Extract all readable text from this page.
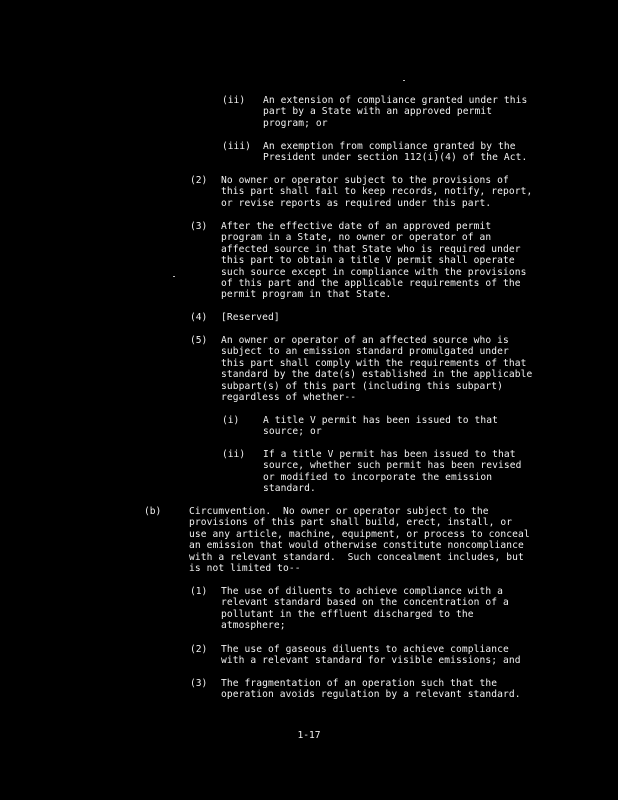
(ii) An extension of compliance granted under this
part by a State with an approved permit
program; or
(iii) An exemption from compliance granted by the
President under section 112(i)(4) of the Act.
(2) No owner or operator subject to the provisions of
this part shall fail to keep records, notify, report,
or revise reports as required under this part.
(3) After the effective date of an approved permit
program in a State, no owner or operator of an
affected source in that State who is required under
this part to obtain a title V permit shall operate
such source except in compliance with the provisions
of this part and the applicable requirements of the
permit program in that State.
(4) [Reserved]
(5) An owner or operator of an affected source who is
subject to an emission standard promulgated under
this part shall comply with the requirements of that
standard by the date(s) established in the applicable
subpart(s) of this part (including this subpart)
regardless of whether--
(i) A title V permit has been issued to that
source; or
(ii) If a title V permit has been issued to that
source, whether such permit has been revised
or modified to incorporate the emission
standard.
(b)	Circumvention.  No owner or operator subject to the
provisions of this part shall build, erect, install, or
use any article, machine, equipment, or process to conceal
an emission that would otherwise constitute noncompliance
with a relevant standard.  Such concealment includes, but
is not limited to--
(1) The use of diluents to achieve compliance with a
relevant standard based on the concentration of a
pollutant in the effluent discharged to the
atmosphere;
(2) The use of gaseous diluents to achieve compliance
with a relevant standard for visible emissions; and
(3) The fragmentation of an operation such that the
operation avoids regulation by a relevant standard.
1-17
